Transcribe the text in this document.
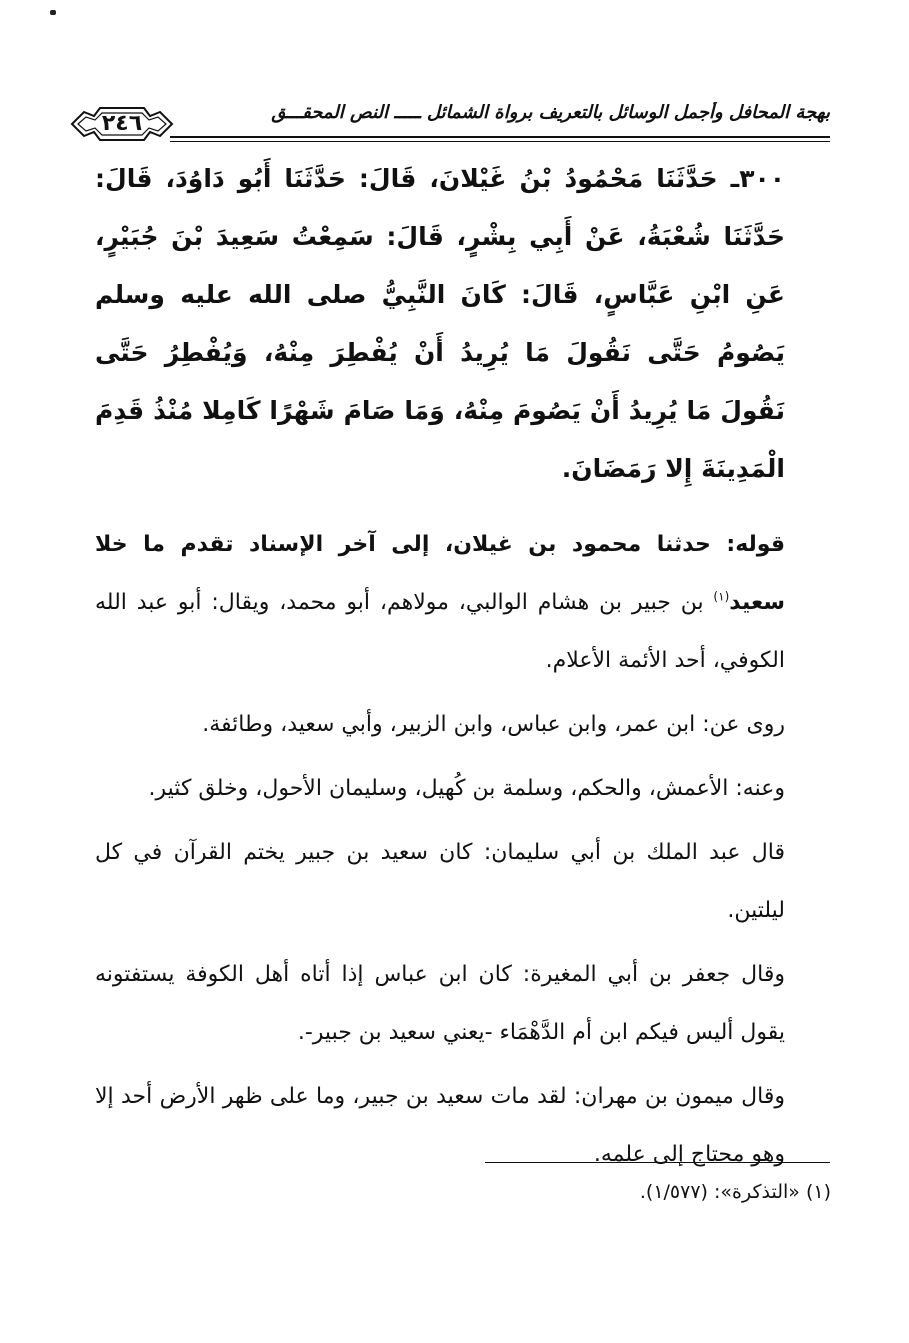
بهجة المحافل وأجمل الوسائل بالتعريف برواة الشمائل ـــــ النص المحقـــق
٢٤٦

٣٠٠ـ حَدَّثَنَا مَحْمُودُ بْنُ غَيْلانَ، قَالَ: حَدَّثَنَا أَبُو دَاوُدَ، قَالَ: حَدَّثَنَا شُعْبَةُ، عَنْ أَبِي بِشْرٍ، قَالَ: سَمِعْتُ سَعِيدَ بْنَ جُبَيْرٍ، عَنِ ابْنِ عَبَّاسٍ، قَالَ: كَانَ النَّبِيُّ صلى الله عليه وسلم يَصُومُ حَتَّى نَقُولَ مَا يُرِيدُ أَنْ يُفْطِرَ مِنْهُ، وَيُفْطِرُ حَتَّى نَقُولَ مَا يُرِيدُ أَنْ يَصُومَ مِنْهُ، وَمَا صَامَ شَهْرًا كَامِلا مُنْذُ قَدِمَ الْمَدِينَةَ إِلا رَمَضَانَ.

قوله: حدثنا محمود بن غيلان، إلى آخر الإسناد تقدم ما خلا سعيد$^{(١)}$ بن جبير بن هشام الوالبي، مولاهم، أبو محمد، ويقال: أبو عبد الله الكوفي، أحد الأئمة الأعلام.

روى عن: ابن عمر، وابن عباس، وابن الزبير، وأبي سعيد، وطائفة.

وعنه: الأعمش، والحكم، وسلمة بن كُهيل، وسليمان الأحول، وخلق كثير.

قال عبد الملك بن أبي سليمان: كان سعيد بن جبير يختم القرآن في كل ليلتين.

وقال جعفر بن أبي المغيرة: كان ابن عباس إذا أتاه أهل الكوفة يستفتونه يقول أليس فيكم ابن أم الدَّهْمَاء -يعني سعيد بن جبير-.

وقال ميمون بن مهران: لقد مات سعيد بن جبير، وما على ظهر الأرض أحد إلا وهو محتاج إلى علمه.

(١) «التذكرة»: (١/٥٧٧).
